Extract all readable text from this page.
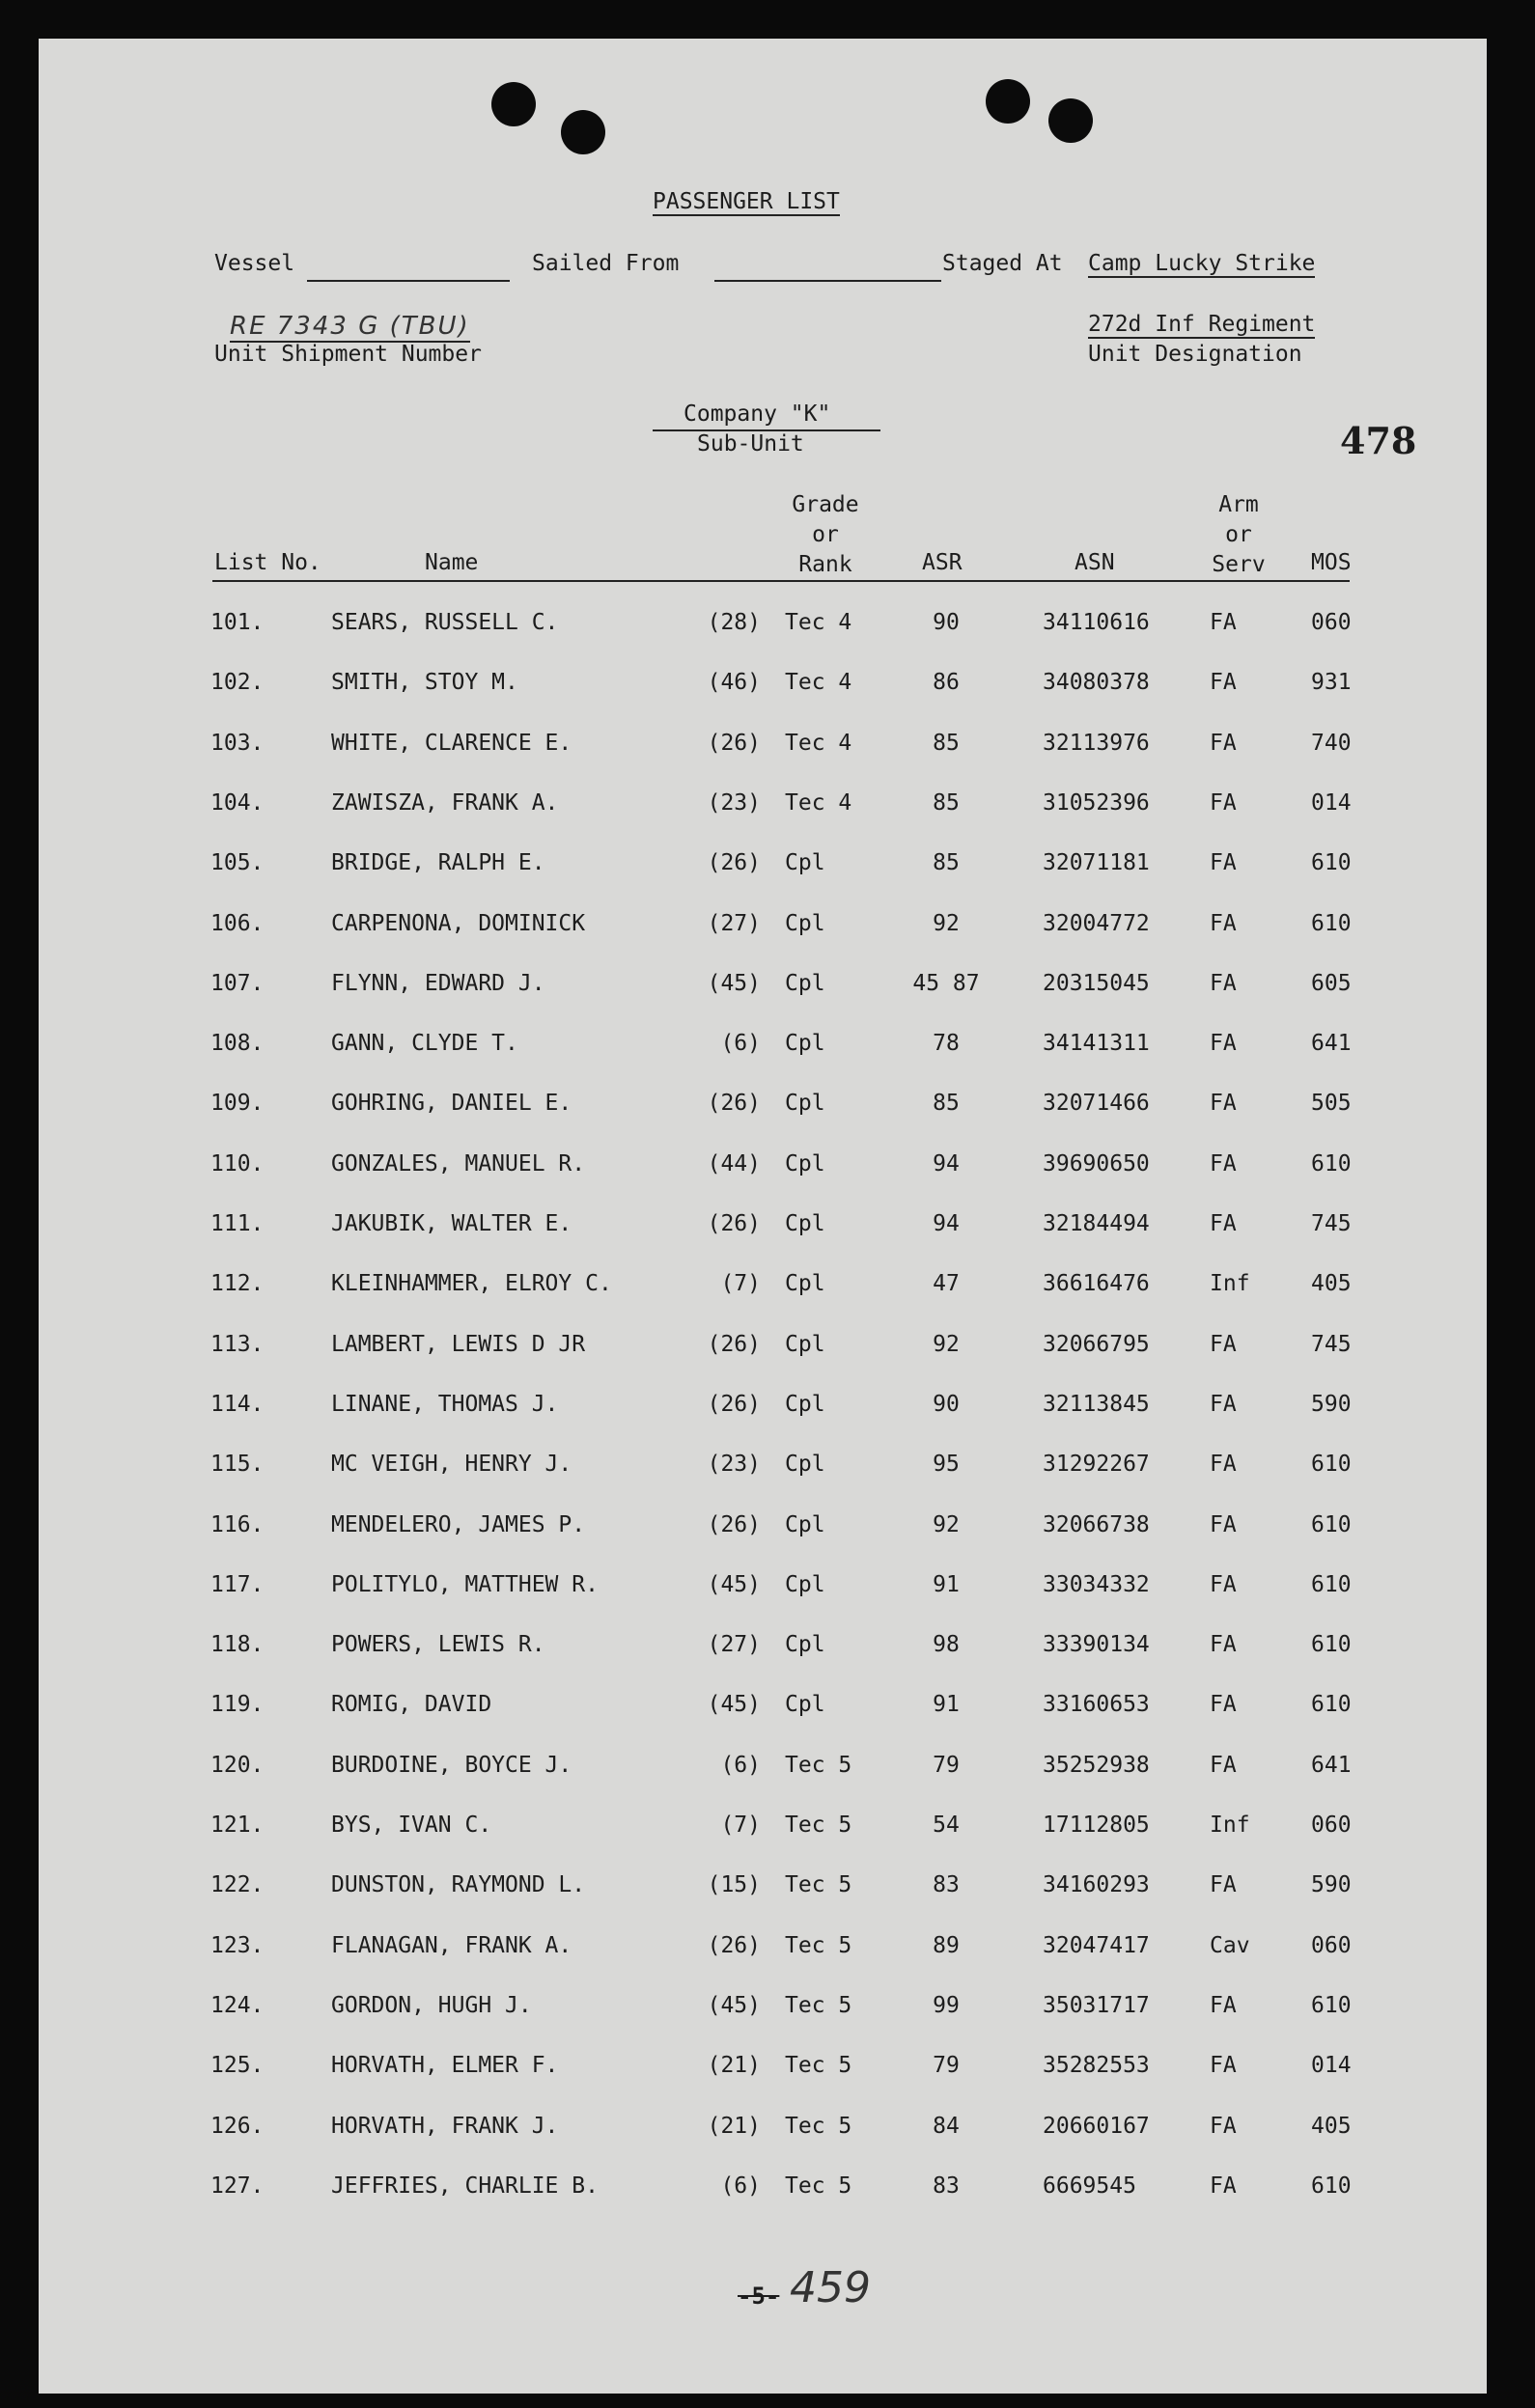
PASSENGER LIST
Vessel	Sailed From	Staged At Camp Lucky Strike
RE 7343 G (TBU)
Unit Shipment Number
272d Inf Regiment
Unit Designation
Company "K"
Sub-Unit	478
List No.	Name
Grade
or
Rank	ASR	ASN
Arm
or
Serv	MOS
101.	SEARS, RUSSELL C.	(28) Tec 4	90	34110616	FA	060
102.	SMITH, STOY M.	(46) Tec 4	86	34080378	FA	931
103.	WHITE, CLARENCE E.	(26) Tec 4	85	32113976	FA	740
104.	ZAWISZA, FRANK A.	(23) Tec 4	85	31052396	FA	014
105.	BRIDGE, RALPH E.	(26) Cpl	85	32071181	FA	610
106.	CARPENONA, DOMINICK	(27) Cpl	92	32004772	FA	610
107.	FLYNN, EDWARD J.	(45) Cpl	45 87	20315045	FA	605
108.	GANN, CLYDE T.	(6) Cpl	78	34141311	FA	641
109.	GOHRING, DANIEL E.	(26) Cpl	85	32071466	FA	505
110.	GONZALES, MANUEL R.	(44) Cpl	94	39690650	FA	610
111.	JAKUBIK, WALTER E.	(26) Cpl	94	32184494	FA	745
112.	KLEINHAMMER, ELROY C.	(7) Cpl	47	36616476	Inf	405
113.	LAMBERT, LEWIS D JR	(26) Cpl	92	32066795	FA	745
114.	LINANE, THOMAS J.	(26) Cpl	90	32113845	FA	590
115.	MC VEIGH, HENRY J.	(23) Cpl	95	31292267	FA	610
116.	MENDELERO, JAMES P.	(26) Cpl	92	32066738	FA	610
117.	POLITYLO, MATTHEW R.	(45) Cpl	91	33034332	FA	610
118.	POWERS, LEWIS R.	(27) Cpl	98	33390134	FA	610
119.	ROMIG, DAVID	(45) Cpl	91	33160653	FA	610
120.	BURDOINE, BOYCE J.	(6) Tec 5	79	35252938	FA	641
121.	BYS, IVAN C.	(7) Tec 5	54	17112805	Inf	060
122.	DUNSTON, RAYMOND L.	(15) Tec 5	83	34160293	FA	590
123.	FLANAGAN, FRANK A.	(26) Tec 5	89	32047417	Cav	060
124.	GORDON, HUGH J.	(45) Tec 5	99	35031717	FA	610
125.	HORVATH, ELMER F.	(21) Tec 5	79	35282553	FA	014
126.	HORVATH, FRANK J.	(21) Tec 5	84	20660167	FA	405
127.	JEFFRIES, CHARLIE B.	(6) Tec 5	83	6669545	FA	610
-5- 459
